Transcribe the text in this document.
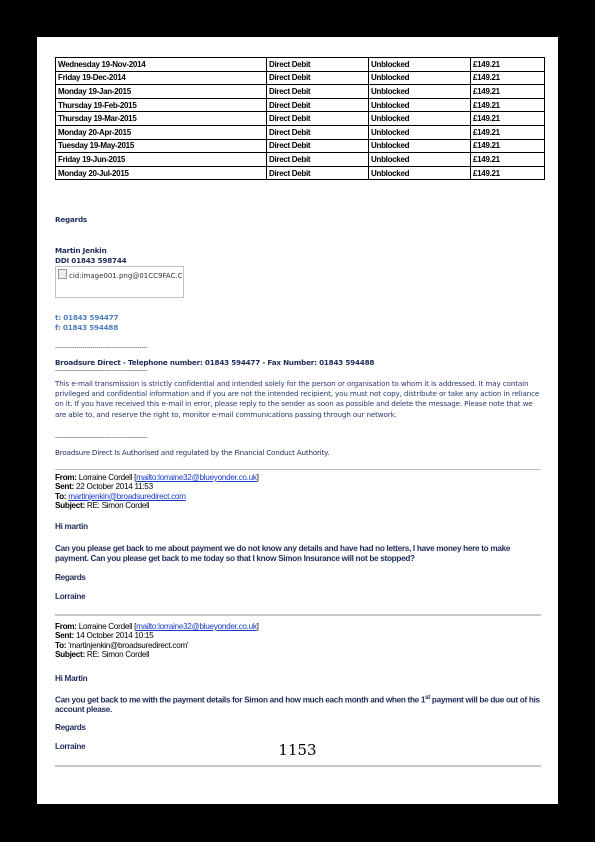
Wednesday 19-Nov-2014	Direct Debit	Unblocked	£149.21
Friday 19-Dec-2014	Direct Debit	Unblocked	£149.21
Monday 19-Jan-2015	Direct Debit	Unblocked	£149.21
Thursday 19-Feb-2015	Direct Debit	Unblocked	£149.21
Thursday 19-Mar-2015	Direct Debit	Unblocked	£149.21
Monday 20-Apr-2015	Direct Debit	Unblocked	£149.21
Tuesday 19-May-2015	Direct Debit	Unblocked	£149.21
Friday 19-Jun-2015	Direct Debit	Unblocked	£149.21
Monday 20-Jul-2015	Direct Debit	Unblocked	£149.21
Regards
Martin Jenkin
DDI 01843 598744
cid:image001.png@01CC9FAC.C
t: 01843 594477
f: 01843 594488
-----------------------------------------------
Broadsure Direct - Telephone number: 01843 594477 - Fax Number: 01843 594488
-----------------------------------------------
This e-mail transmission is strictly confidential and intended solely for the person or organisation to whom it is addressed. It may contain privileged and confidential information and if you are not the intended recipient, you must not copy, distribute or take any action in reliance on it. If you have received this e-mail in error, please reply to the sender as soon as possible and delete the message. Please note that we are able to, and reserve the right to, monitor e-mail communications passing through our network.
-----------------------------------------------
Broadsure Direct Is Authorised and regulated by the Financial Conduct Authority.
From: Lorraine Cordell [mailto:lorraine32@blueyonder.co.uk]
Sent: 22 October 2014 11:53
To: martinjenkin@broadsuredirect.com
Subject: RE: Simon Cordell
Hi martin
Can you please get back to me about payment we do not know any details and have had no letters, I have money here to make payment. Can you please get back to me today so that I know Simon Insurance will not be stopped?
Regards
Lorraine
From: Lorraine Cordell [mailto:lorraine32@blueyonder.co.uk]
Sent: 14 October 2014 10:15
To: 'martinjenkin@broadsuredirect.com'
Subject: RE: Simon Cordell
Hi Martin
Can you get back to me with the payment details for Simon and how much each month and when the 1st payment will be due out of his account please.
Regards
Lorraine	1153
